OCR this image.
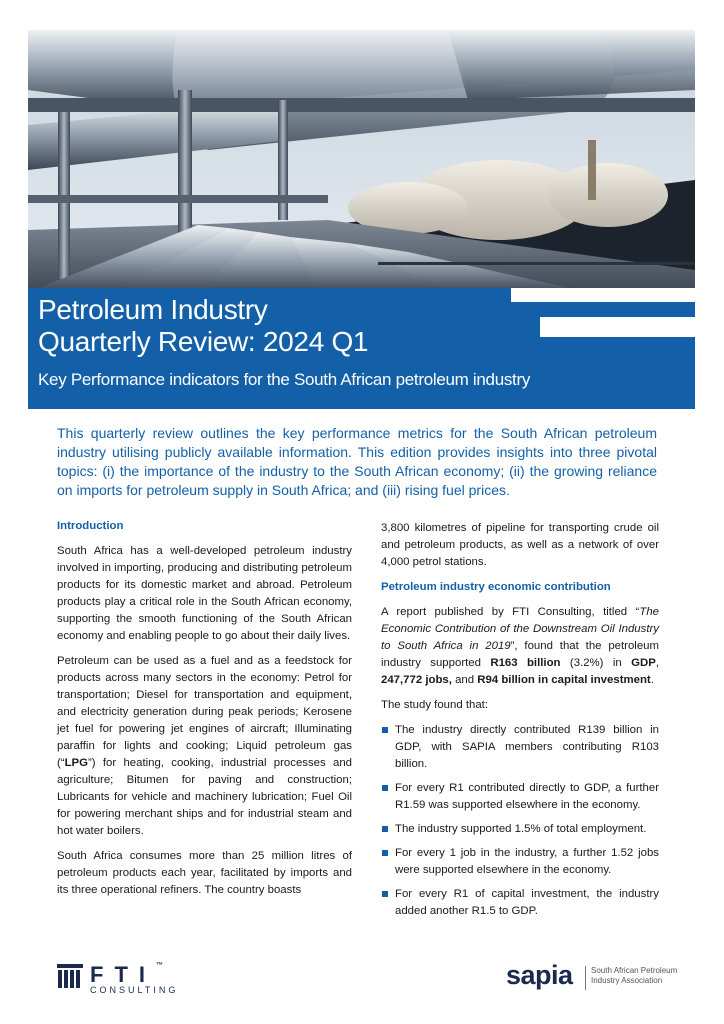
Petroleum Industry
Quarterly Review: 2024 Q1
Key Performance indicators for the South African petroleum industry
This quarterly review outlines the key performance metrics for the South African petroleum industry utilising publicly available information. This edition provides insights into three pivotal topics: (i) the importance of the industry to the South African economy; (ii) the growing reliance on imports for petroleum supply in South Africa; and (iii) rising fuel prices.
Introduction

South Africa has a well-developed petroleum industry involved in importing, producing and distributing petroleum products for its domestic market and abroad. Petroleum products play a critical role in the South African economy, supporting the smooth functioning of the South African economy and enabling people to go about their daily lives.

Petroleum can be used as a fuel and as a feedstock for products across many sectors in the economy: Petrol for transportation; Diesel for transportation and equipment, and electricity generation during peak periods; Kerosene jet fuel for powering jet engines of aircraft; Illuminating paraffin for lights and cooking; Liquid petroleum gas (“LPG”) for heating, cooking, industrial processes and agriculture; Bitumen for paving and construction; Lubricants for vehicle and machinery lubrication; Fuel Oil for powering merchant ships and for industrial steam and hot water boilers.

South Africa consumes more than 25 million litres of petroleum products each year, facilitated by imports and its three operational refiners. The country boasts

3,800 kilometres of pipeline for transporting crude oil and petroleum products, as well as a network of over 4,000 petrol stations.

Petroleum industry economic contribution

A report published by FTI Consulting, titled “The Economic Contribution of the Downstream Oil Industry to South Africa in 2019”, found that the petroleum industry supported R163 billion (3.2%) in GDP, 247,772 jobs, and R94 billion in capital investment.

The study found that:

The industry directly contributed R139 billion in GDP, with SAPIA members contributing R103 billion.
For every R1 contributed directly to GDP, a further R1.59 was supported elsewhere in the economy.
The industry supported 1.5% of total employment.
For every 1 job in the industry, a further 1.52 jobs were supported elsewhere in the economy.
For every R1 of capital investment, the industry added another R1.5 to GDP.
FTI™
CONSULTING	sapia South African Petroleum
Industry Association
